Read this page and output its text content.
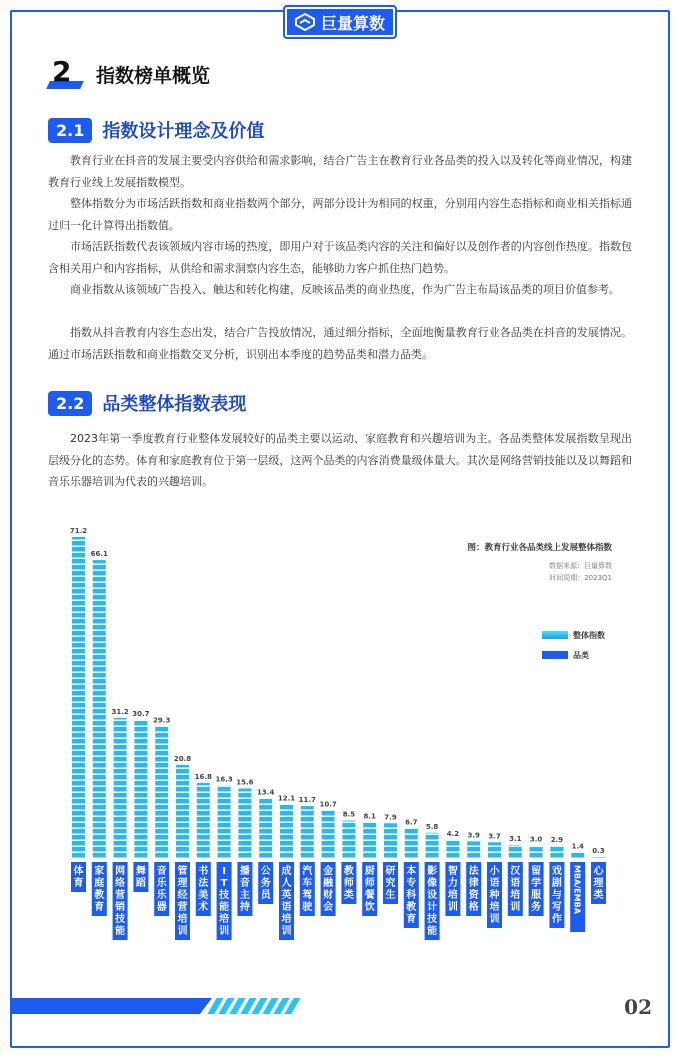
巨量算数
2 指数榜单概览
2.1	指数设计理念及价值

教育行业在抖音的发展主要受内容供给和需求影响，结合广告主在教育行业各品类的投入以及转化等商业情况，构建教育行业线上发展指数模型。

整体指数分为市场活跃指数和商业指数两个部分，两部分设计为相同的权重，分别用内容生态指标和商业相关指标通过归一化计算得出指数值。

市场活跃指数代表该领域内容市场的热度，即用户对于该品类内容的关注和偏好以及创作者的内容创作热度。指数包含相关用户和内容指标，从供给和需求洞察内容生态，能够助力客户抓住热门趋势。

商业指数从该领域广告投入、触达和转化构建，反映该品类的商业热度，作为广告主布局该品类的项目价值参考。

指数从抖音教育内容生态出发，结合广告投放情况，通过细分指标，全面地衡量教育行业各品类在抖音的发展情况。通过市场活跃指数和商业指数交叉分析，识别出本季度的趋势品类和潜力品类。

2.2	品类整体指数表现

2023年第一季度教育行业整体发展较好的品类主要以运动、家庭教育和兴趣培训为主。各品类整体发展指数呈现出层级分化的态势。体育和家庭教育位于第一层级，这两个品类的内容消费量级体量大。其次是网络营销技能以及以舞蹈和音乐乐器培训为代表的兴趣培训。

71.2
体育
66.1
家庭教育
31.2
网络营销技能
30.7
舞蹈
29.3
音乐乐器
20.8
管理经营培训
16.8
书法美术
16.3
I T 技能培训
15.6
播音主持
13.4
公务员
12.1
成人英语培训
11.7
汽车驾驶
10.7
金融财会
8.5
教师类
8.1
厨师餐饮
7.9
研究生
6.7
本专科教育
5.8
影像设计技能
4.2
智力培训
3.9
法律资格
3.7
小语种培训
3.1
汉语培训
3.0
留学服务
2.9
戏剧与写作
1.4
MBA/EMBA
0.3
心理类
图：教育行业各品类线上发展整体指数
数据来源：巨量算数
时间周期：2023Q1
整体指数
品类
02
